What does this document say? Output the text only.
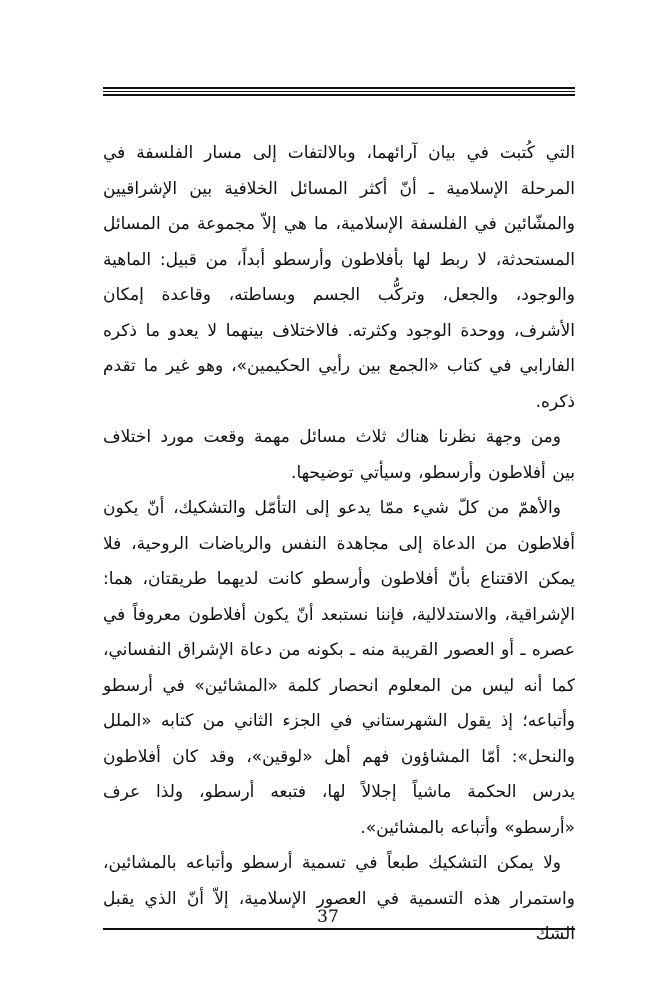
التي كُتبت في بيان آرائهما، وبالالتفات إلى مسار الفلسفة في المرحلة الإسلامية ـ أنّ أكثر المسائل الخلافية بين الإشراقيين والمشّائين في الفلسفة الإسلامية، ما هي إلاّ مجموعة من المسائل المستحدثة، لا ربط لها بأفلاطون وأرسطو أبداً، من قبيل: الماهية والوجود، والجعل، وتركُّب الجسم وبساطته، وقاعدة إمكان الأشرف، ووحدة الوجود وكثرته. فالاختلاف بينهما لا يعدو ما ذكره الفارابي في كتاب «الجمع بين رأيي الحكيمين»، وهو غير ما تقدم ذكره.

ومن وجهة نظرنا هناك ثلاث مسائل مهمة وقعت مورد اختلاف بين أفلاطون وأرسطو، وسيأتي توضيحها.

والأهمّ من كلّ شيء ممّا يدعو إلى التأمّل والتشكيك، أنّ يكون أفلاطون من الدعاة إلى مجاهدة النفس والرياضات الروحية، فلا يمكن الاقتناع بأنّ أفلاطون وأرسطو كانت لديهما طريقتان، هما: الإشراقية، والاستدلالية، فإننا نستبعد أنّ يكون أفلاطون معروفاً في عصره ـ أو العصور القريبة منه ـ بكونه من دعاة الإشراق النفساني، كما أنه ليس من المعلوم انحصار كلمة «المشائين» في أرسطو وأتباعه؛ إذ يقول الشهرستاني في الجزء الثاني من كتابه «الملل والنحل»: أمّا المشاؤون فهم أهل «لوقين»، وقد كان أفلاطون يدرس الحكمة ماشياً إجلالاً لها، فتبعه أرسطو، ولذا عرف «أرسطو» وأتباعه بالمشائين».

ولا يمكن التشكيك طبعاً في تسمية أرسطو وأتباعه بالمشائين، واستمرار هذه التسمية في العصور الإسلامية، إلاّ أنّ الذي يقبل الشك

37
